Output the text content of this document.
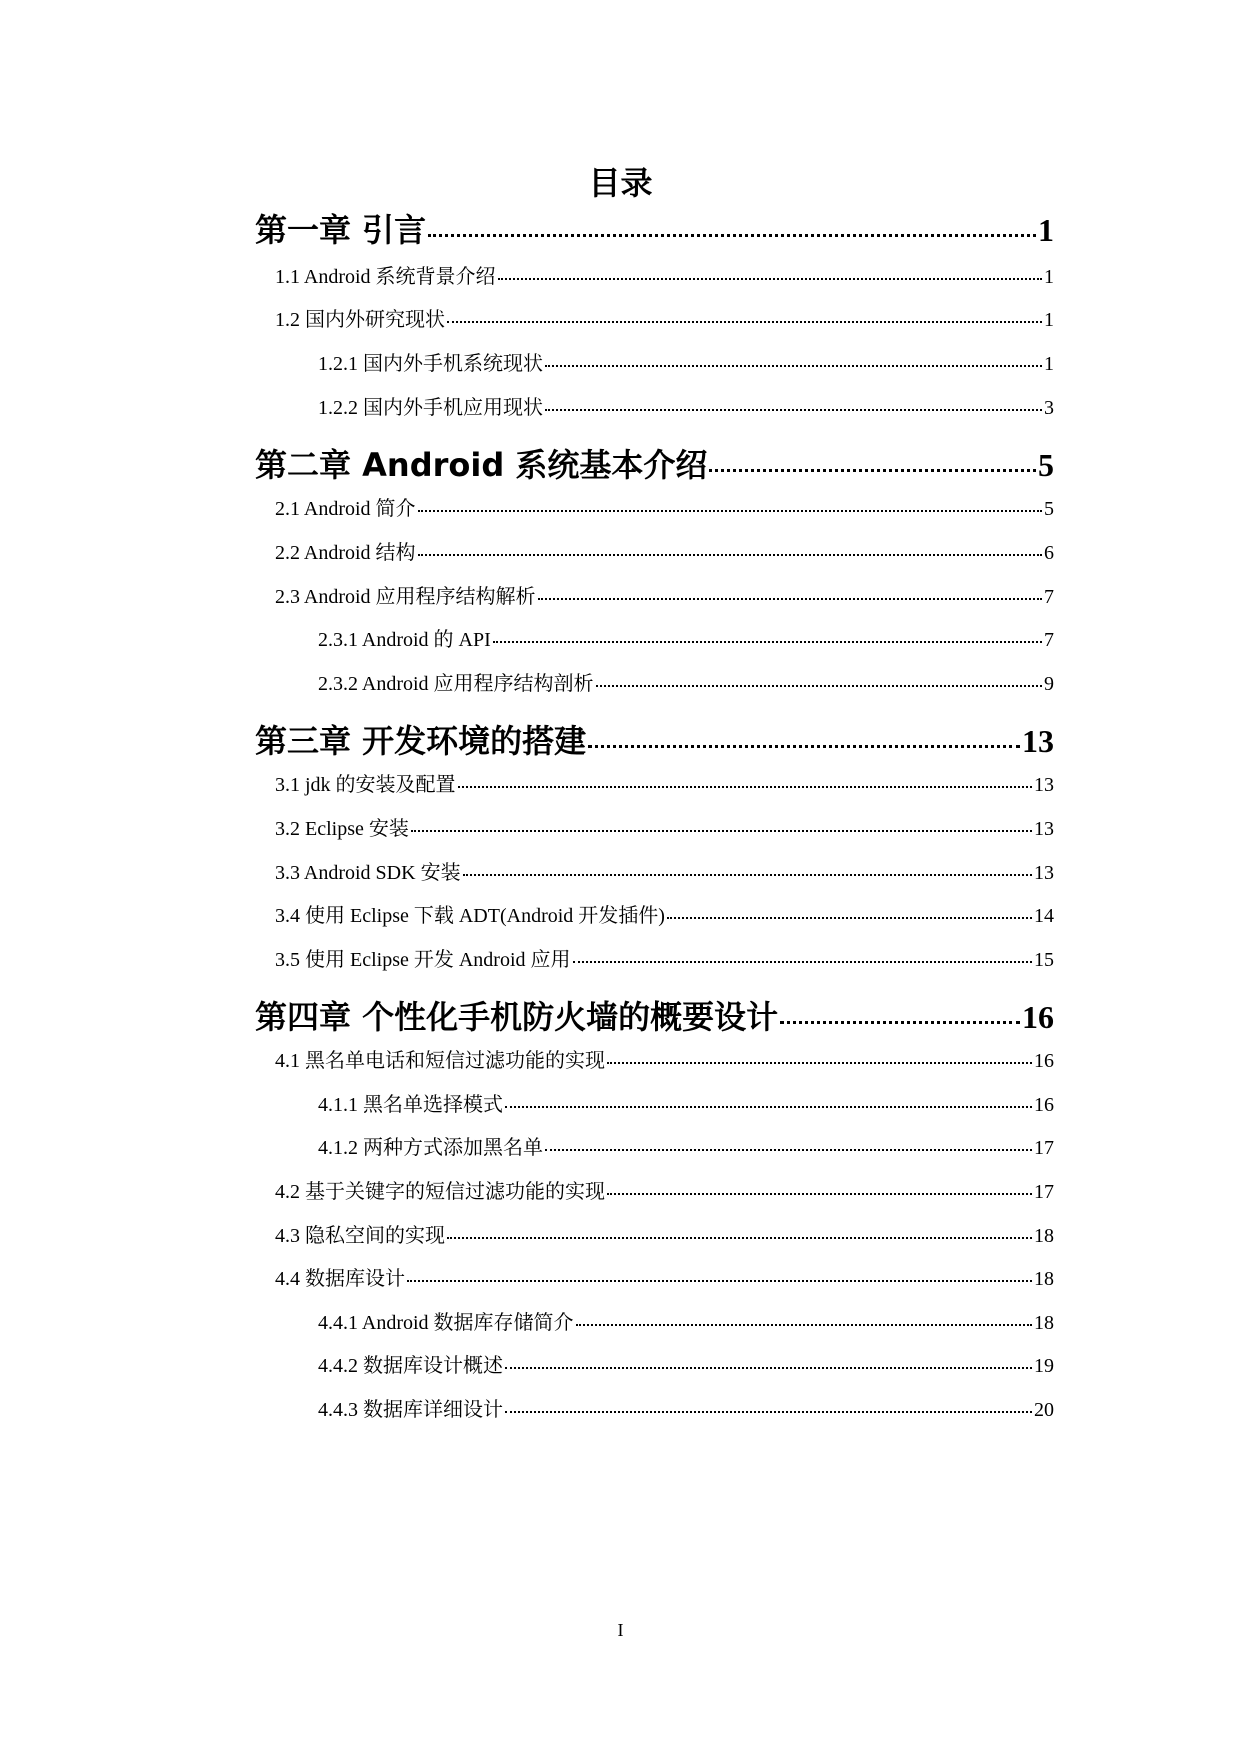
目录
第一章 引言	1
1.1 Android 系统背景介绍	1
1.2 国内外研究现状	1
1.2.1 国内外手机系统现状	1
1.2.2 国内外手机应用现状	3
第二章 Android 系统基本介绍	5
2.1 Android 简介	5
2.2 Android 结构	6
2.3 Android 应用程序结构解析	7
2.3.1 Android 的 API	7
2.3.2 Android 应用程序结构剖析	9
第三章 开发环境的搭建	13
3.1 jdk 的安装及配置	13
3.2 Eclipse 安装	13
3.3 Android SDK 安装	13
3.4 使用 Eclipse 下载 ADT(Android 开发插件)	14
3.5 使用 Eclipse 开发 Android 应用	15
第四章 个性化手机防火墙的概要设计	16
4.1 黑名单电话和短信过滤功能的实现	16
4.1.1 黑名单选择模式	16
4.1.2 两种方式添加黑名单	17
4.2 基于关键字的短信过滤功能的实现	17
4.3 隐私空间的实现	18
4.4 数据库设计	18
4.4.1 Android 数据库存储简介	18
4.4.2 数据库设计概述	19
4.4.3 数据库详细设计	20
I
